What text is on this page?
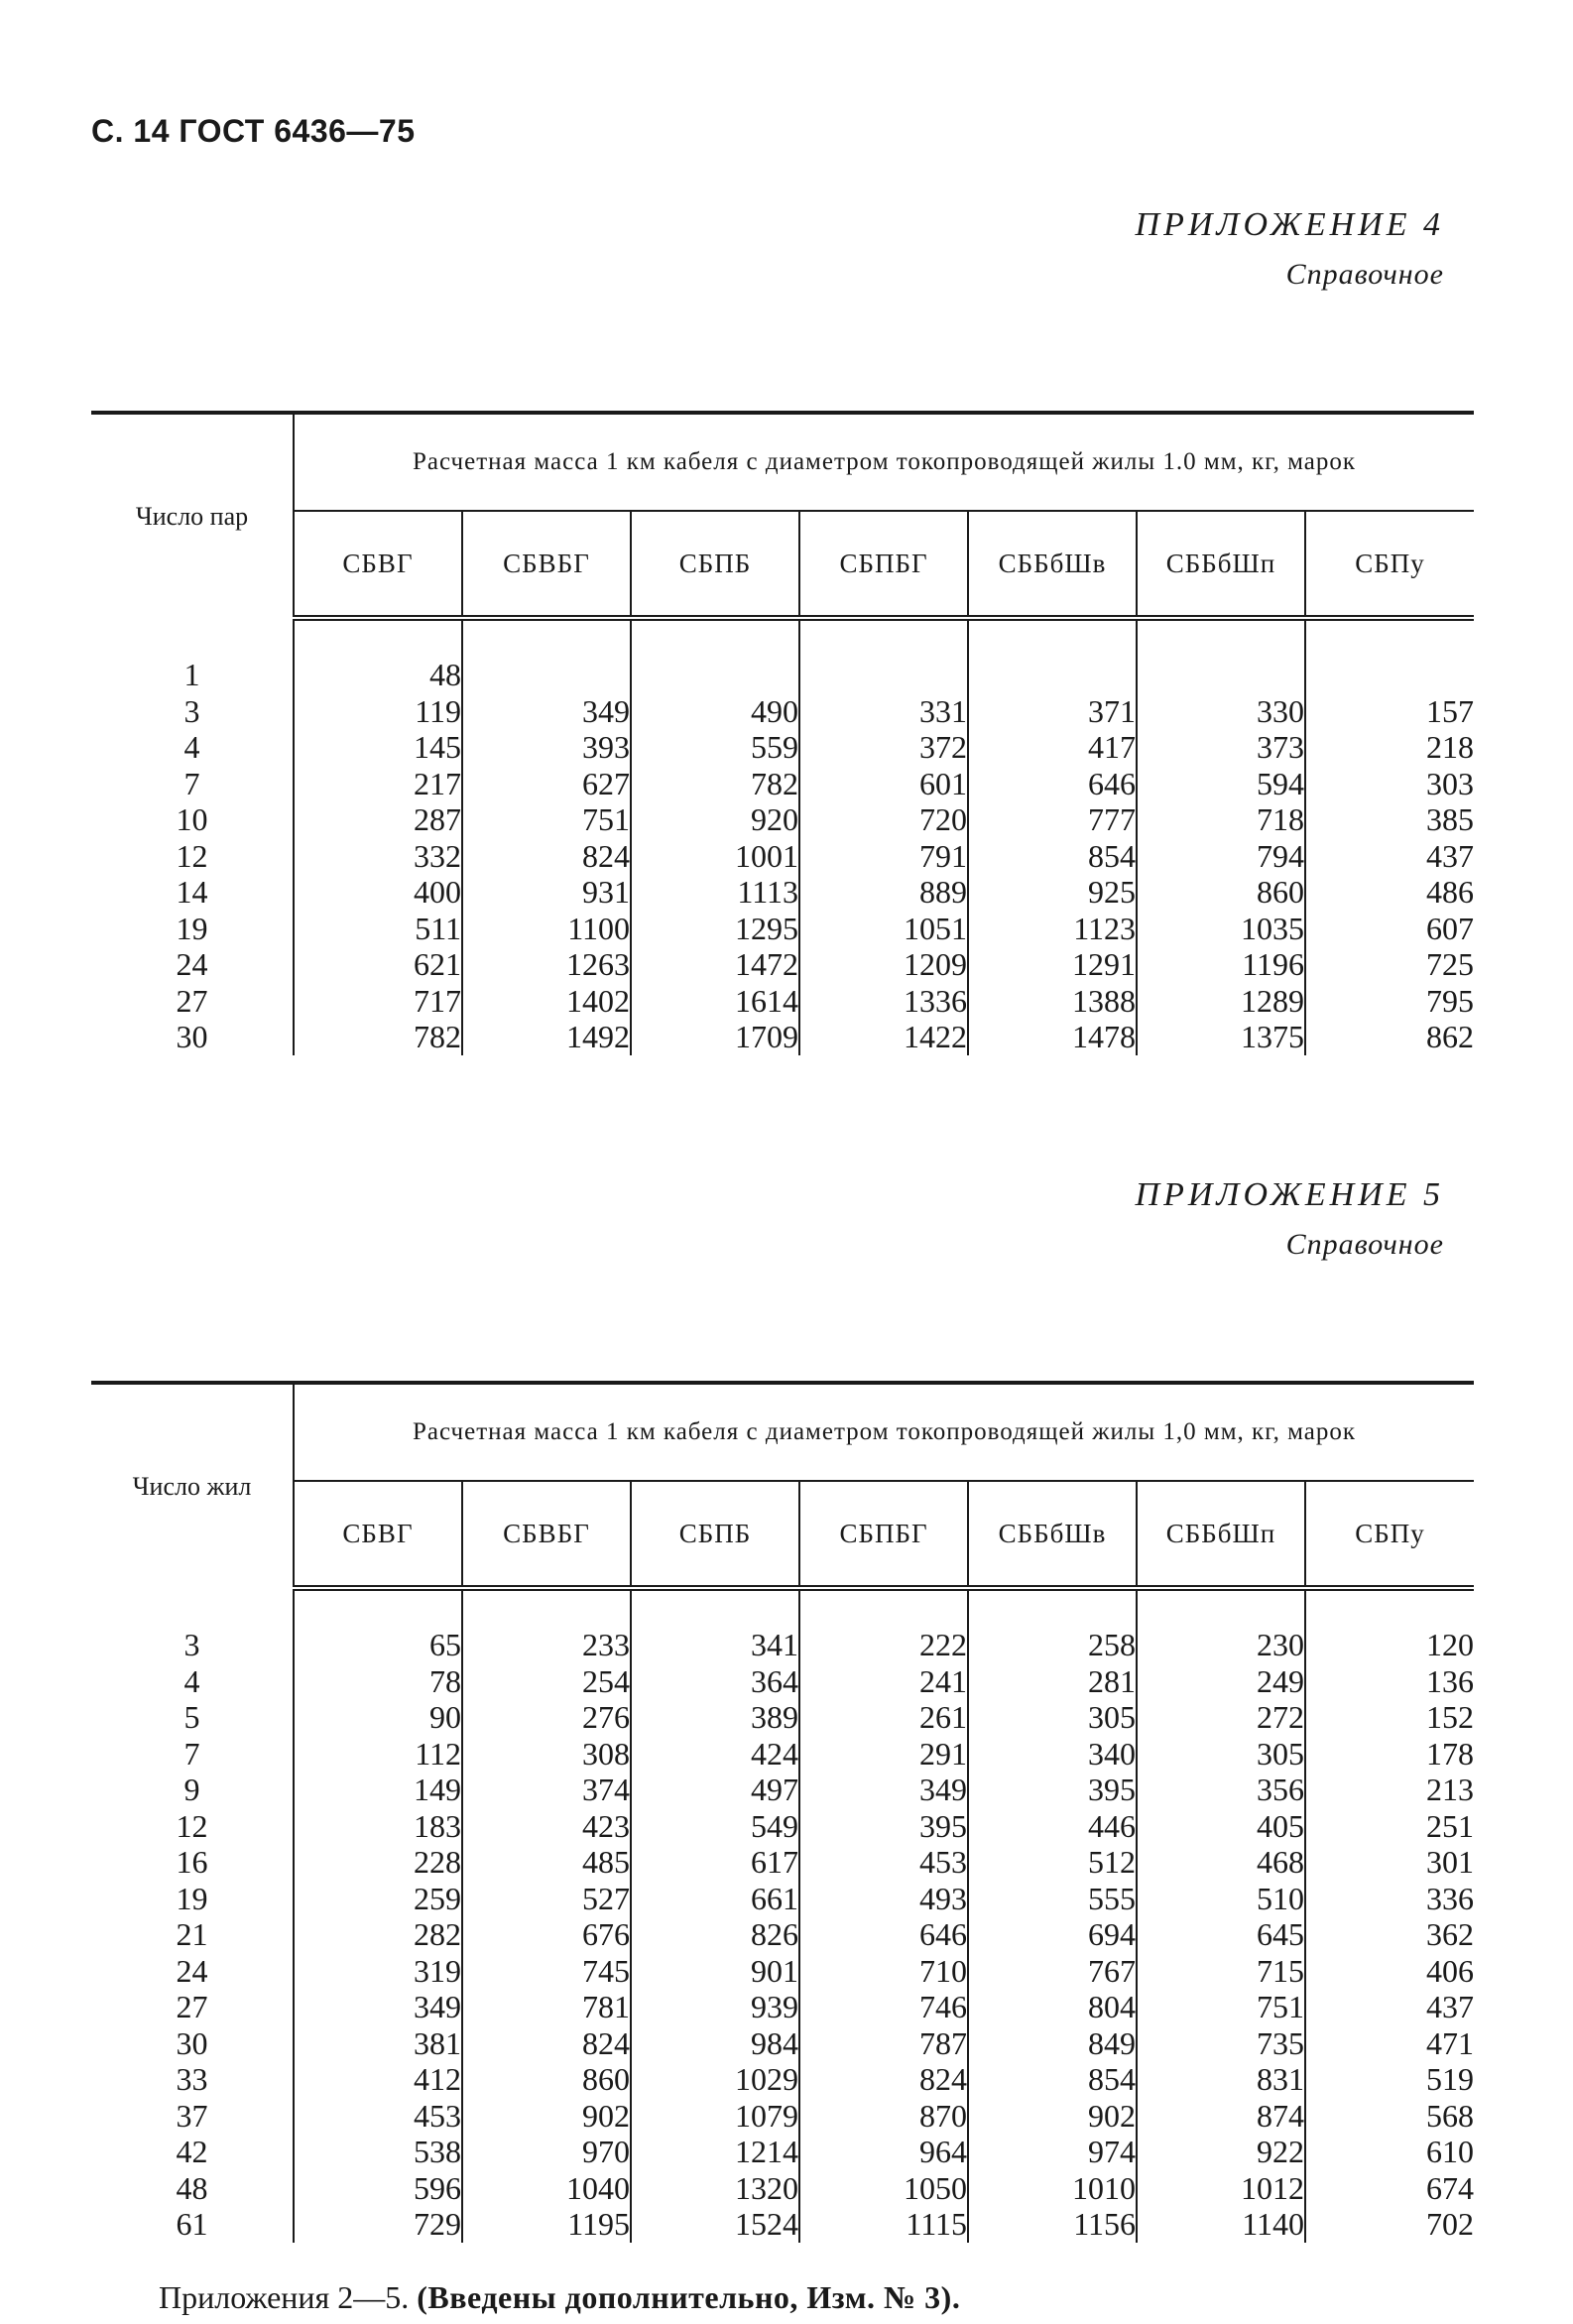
С. 14 ГОСТ 6436—75
ПРИЛОЖЕНИЕ 4
Справочное
Число пар	Расчетная масса 1 км кабеля с диаметром токопроводящей жилы 1.0 мм, кг, марок						
	СБВГ	СБВБГ	СБПБ	СБПБГ	СББбШв	СББбШп	СБПу

1	48						
3	119	349	490	331	371	330	157
4	145	393	559	372	417	373	218
7	217	627	782	601	646	594	303
10	287	751	920	720	777	718	385
12	332	824	1001	791	854	794	437
14	400	931	1113	889	925	860	486
19	511	1100	1295	1051	1123	1035	607
24	621	1263	1472	1209	1291	1196	725
27	717	1402	1614	1336	1388	1289	795
30	782	1492	1709	1422	1478	1375	862
ПРИЛОЖЕНИЕ 5
Справочное
Число жил	Расчетная масса 1 км кабеля с диаметром токопроводящей жилы 1,0 мм, кг, марок						
	СБВГ	СБВБГ	СБПБ	СБПБГ	СББбШв	СББбШп	СБПу

3	65	233	341	222	258	230	120
4	78	254	364	241	281	249	136
5	90	276	389	261	305	272	152
7	112	308	424	291	340	305	178
9	149	374	497	349	395	356	213
12	183	423	549	395	446	405	251
16	228	485	617	453	512	468	301
19	259	527	661	493	555	510	336
21	282	676	826	646	694	645	362
24	319	745	901	710	767	715	406
27	349	781	939	746	804	751	437
30	381	824	984	787	849	735	471
33	412	860	1029	824	854	831	519
37	453	902	1079	870	902	874	568
42	538	970	1214	964	974	922	610
48	596	1040	1320	1050	1010	1012	674
61	729	1195	1524	1115	1156	1140	702
Приложения 2—5. (Введены дополнительно, Изм. № 3).
